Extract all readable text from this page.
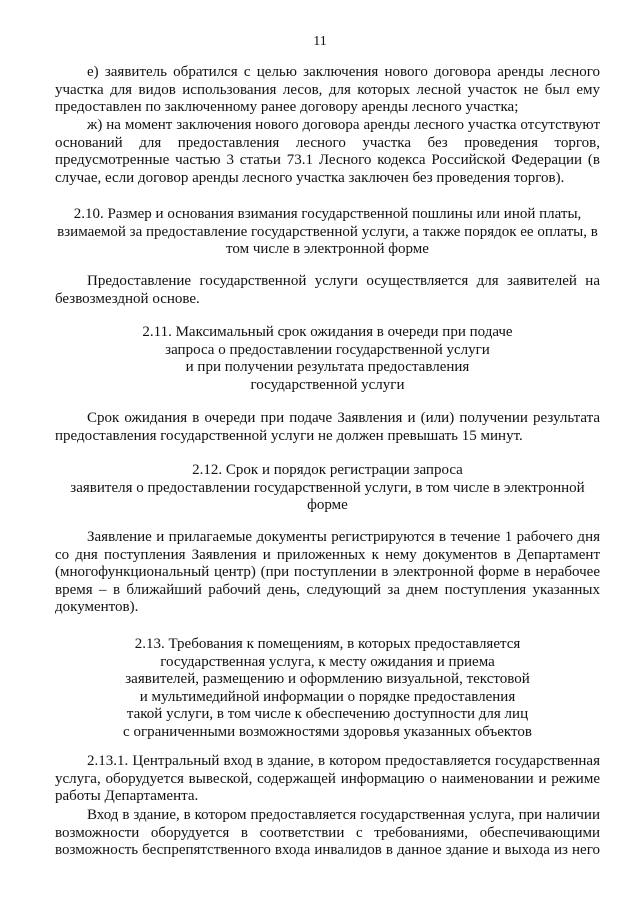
11
е) заявитель обратился с целью заключения нового договора аренды лесного
участка для видов использования лесов, для которых лесной участок не был ему
предоставлен по заключенному ранее договору аренды лесного участка;
ж) на момент заключения нового договора аренды лесного участка отсутствуют
оснований для предоставления лесного участка без проведения торгов,
предусмотренные частью 3 статьи 73.1 Лесного кодекса Российской Федерации (в
случае, если договор аренды лесного участка заключен без проведения торгов).
2.10. Размер и основания взимания государственной пошлины или иной платы,
взимаемой за предоставление государственной услуги, а также порядок ее оплаты, в
том числе в электронной форме
Предоставление государственной услуги осуществляется для заявителей на
безвозмездной основе.
2.11. Максимальный срок ожидания в очереди при подаче
запроса о предоставлении государственной услуги
и при получении результата предоставления
государственной услуги
Срок ожидания в очереди при подаче Заявления и (или) получении результата
предоставления государственной услуги не должен превышать 15 минут.
2.12. Срок и порядок регистрации запроса
заявителя о предоставлении государственной услуги, в том числе в электронной
форме
Заявление и прилагаемые документы регистрируются в течение 1 рабочего дня
со дня поступления Заявления и приложенных к нему документов в Департамент
(многофункциональный центр) (при поступлении в электронной форме в нерабочее
время – в ближайший рабочий день, следующий за днем поступления указанных
документов).
2.13. Требования к помещениям, в которых предоставляется
государственная услуга, к месту ожидания и приема
заявителей, размещению и оформлению визуальной, текстовой
и мультимедийной информации о порядке предоставления
такой услуги, в том числе к обеспечению доступности для лиц
с ограниченными возможностями здоровья указанных объектов
2.13.1. Центральный вход в здание, в котором предоставляется государственная
услуга, оборудуется вывеской, содержащей информацию о наименовании и режиме
работы Департамента.
Вход в здание, в котором предоставляется государственная услуга, при наличии
возможности оборудуется в соответствии с требованиями, обеспечивающими
возможность беспрепятственного входа инвалидов в данное здание и выхода из него
